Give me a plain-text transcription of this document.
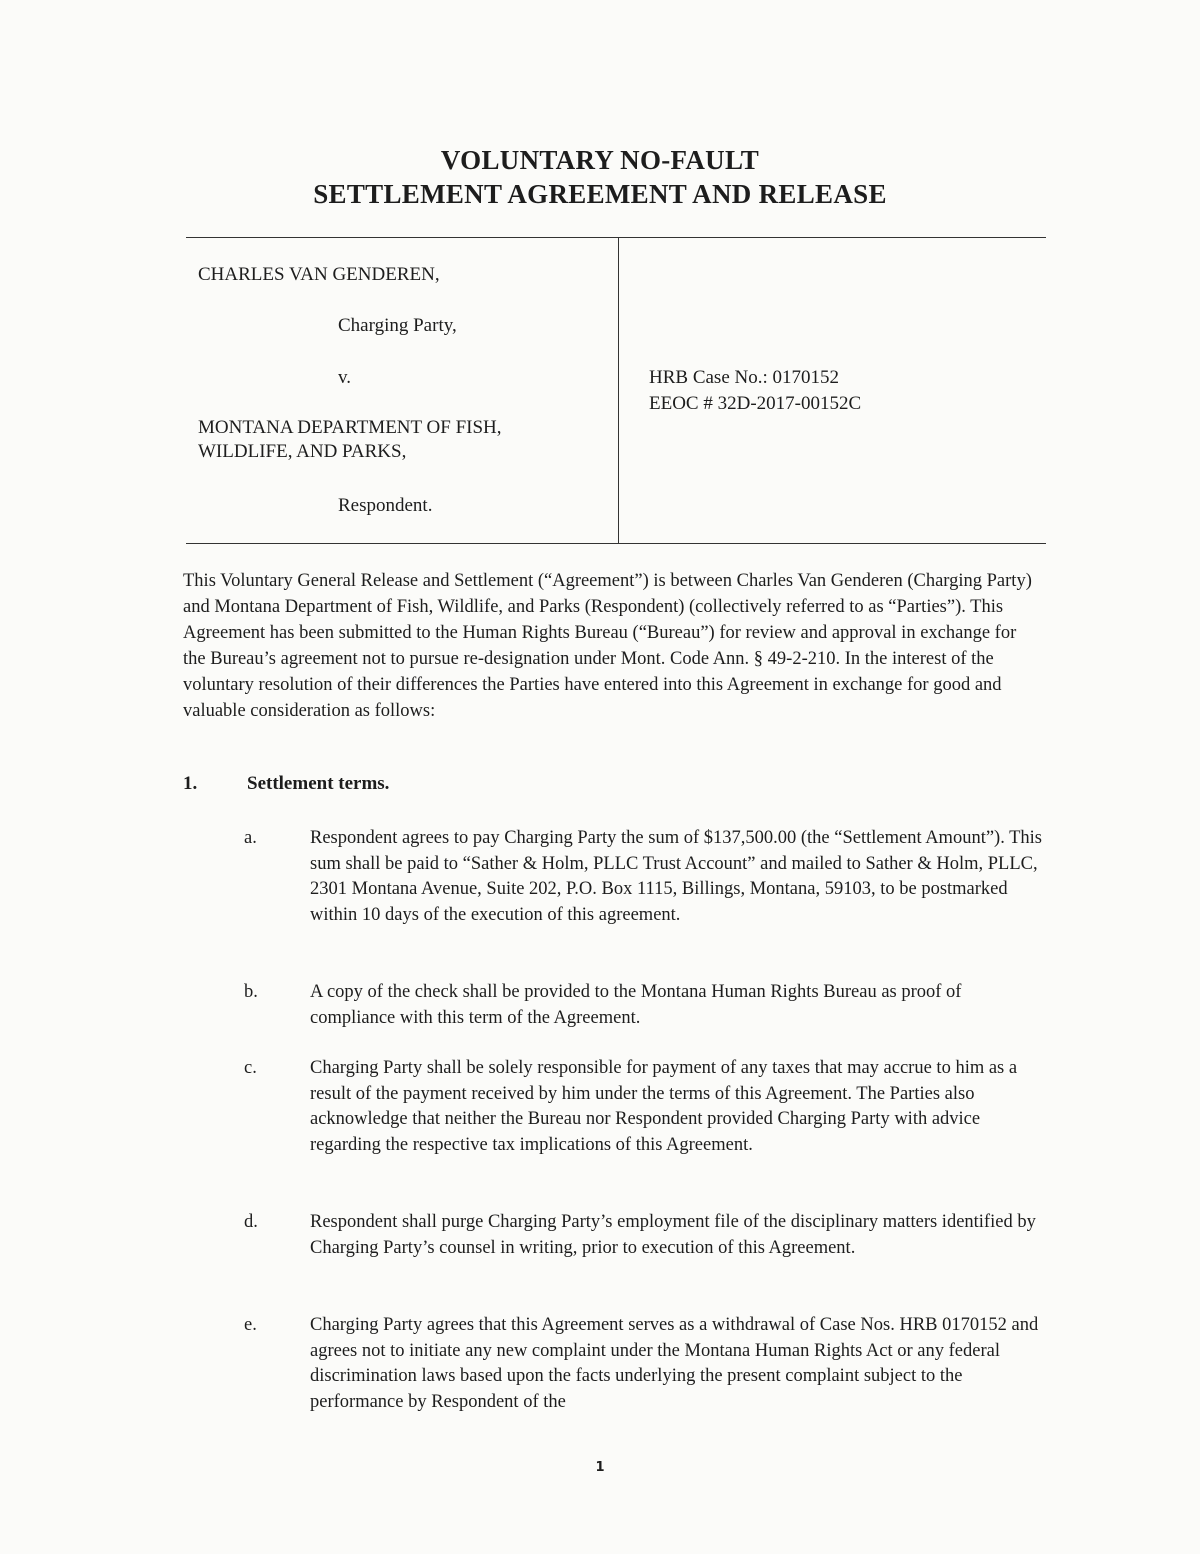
VOLUNTARY NO-FAULT
SETTLEMENT AGREEMENT AND RELEASE
CHARLES VAN GENDEREN,
Charging Party,
v.
MONTANA DEPARTMENT OF FISH,
WILDLIFE, AND PARKS,
Respondent.
HRB Case No.: 0170152
EEOC # 32D-2017-00152C

This Voluntary General Release and Settlement (“Agreement”) is between Charles Van Genderen (Charging Party) and Montana Department of Fish, Wildlife, and Parks (Respondent) (collectively referred to as “Parties”). This Agreement has been submitted to the Human Rights Bureau (“Bureau”) for review and approval in exchange for the Bureau’s agreement not to pursue re-designation under Mont. Code Ann. § 49-2-210. In the interest of the voluntary resolution of their differences the Parties have entered into this Agreement in exchange for good and valuable consideration as follows:

1.	Settlement terms.
a.	Respondent agrees to pay Charging Party the sum of $137,500.00 (the “Settlement Amount”). This sum shall be paid to “Sather & Holm, PLLC Trust Account” and mailed to Sather & Holm, PLLC, 2301 Montana Avenue, Suite 202, P.O. Box 1115, Billings, Montana, 59103, to be postmarked within 10 days of the execution of this agreement.
b.	A copy of the check shall be provided to the Montana Human Rights Bureau as proof of compliance with this term of the Agreement.
c.	Charging Party shall be solely responsible for payment of any taxes that may accrue to him as a result of the payment received by him under the terms of this Agreement. The Parties also acknowledge that neither the Bureau nor Respondent provided Charging Party with advice regarding the respective tax implications of this Agreement.
d.	Respondent shall purge Charging Party’s employment file of the disciplinary matters identified by Charging Party’s counsel in writing, prior to execution of this Agreement.
e.	Charging Party agrees that this Agreement serves as a withdrawal of Case Nos. HRB 0170152 and agrees not to initiate any new complaint under the Montana Human Rights Act or any federal discrimination laws based upon the facts underlying the present complaint subject to the performance by Respondent of the
1
